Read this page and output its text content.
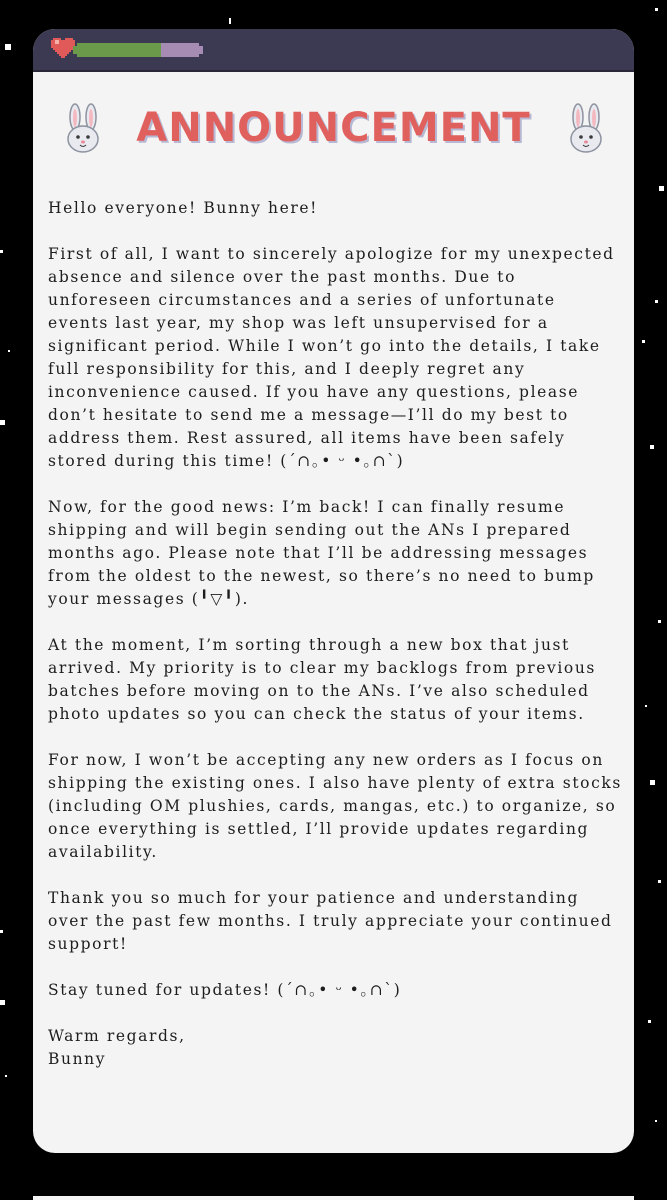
ANNOUNCEMENT

Hello everyone! Bunny here!

First of all, I want to sincerely apologize for my unexpected absence and silence over the past months. Due to unforeseen circumstances and a series of unfortunate events last year, my shop was left unsupervised for a significant period. While I won’t go into the details, I take full responsibility for this, and I deeply regret any inconvenience caused. If you have any questions, please don’t hesitate to send me a message—I’ll do my best to address them. Rest assured, all items have been safely stored during this time! (´∩｡• ᵕ •｡∩`)

Now, for the good news: I’m back! I can finally resume shipping and will begin sending out the ANs I prepared months ago. Please note that I’ll be addressing messages from the oldest to the newest, so there’s no need to bump your messages (╹▽╹).

At the moment, I’m sorting through a new box that just arrived. My priority is to clear my backlogs from previous batches before moving on to the ANs. I’ve also scheduled photo updates so you can check the status of your items.

For now, I won’t be accepting any new orders as I focus on shipping the existing ones. I also have plenty of extra stocks (including OM plushies, cards, mangas, etc.) to organize, so once everything is settled, I’ll provide updates regarding availability.

Thank you so much for your patience and understanding over the past few months. I truly appreciate your continued support!

Stay tuned for updates! (´∩｡• ᵕ •｡∩`)

Warm regards,
Bunny
